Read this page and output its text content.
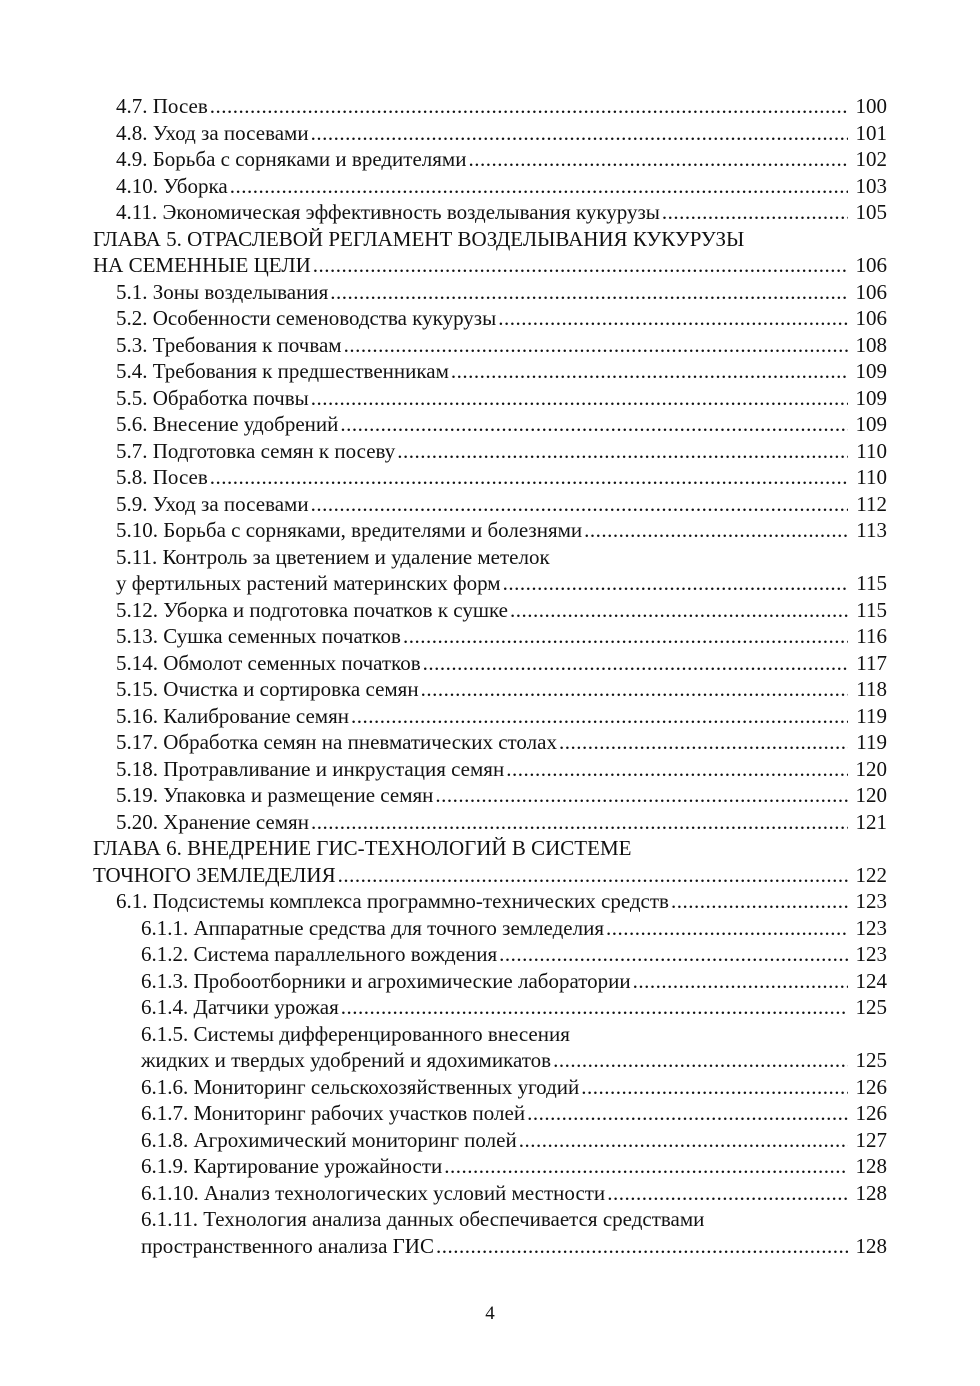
4.7. Посев .....	100
4.8. Уход за посевами .....	101
4.9. Борьба с сорняками и вредителями .....	102
4.10. Уборка .....	103
4.11. Экономическая эффективность возделывания кукурузы .....	105
ГЛАВА 5. ОТРАСЛЕВОЙ РЕГЛАМЕНТ ВОЗДЕЛЫВАНИЯ КУКУРУЗЫ
НА СЕМЕННЫЕ ЦЕЛИ .....	106
5.1. Зоны возделывания .....	106
5.2. Особенности семеноводства кукурузы .....	106
5.3. Требования к почвам .....	108
5.4. Требования к предшественникам .....	109
5.5. Обработка почвы .....	109
5.6. Внесение удобрений .....	109
5.7. Подготовка семян к посеву .....	110
5.8. Посев .....	110
5.9. Уход за посевами .....	112
5.10. Борьба с сорняками, вредителями и болезнями .....	113
5.11. Контроль за цветением и удаление метелок
у фертильных растений материнских форм .....	115
5.12. Уборка и подготовка початков к сушке .....	115
5.13. Сушка семенных початков .....	116
5.14. Обмолот семенных початков .....	117
5.15. Очистка и сортировка семян .....	118
5.16. Калибрование семян .....	119
5.17. Обработка семян на пневматических столах .....	119
5.18. Протравливание и инкрустация семян .....	120
5.19. Упаковка и размещение семян .....	120
5.20. Хранение семян .....	121
ГЛАВА 6. ВНЕДРЕНИЕ ГИС-ТЕХНОЛОГИЙ В СИСТЕМЕ
ТОЧНОГО ЗЕМЛЕДЕЛИЯ .....	122
6.1. Подсистемы комплекса программно-технических средств .....	123
6.1.1. Аппаратные средства для точного земледелия .....	123
6.1.2. Система параллельного вождения .....	123
6.1.3. Пробоотборники и агрохимические лаборатории .....	124
6.1.4. Датчики урожая .....	125
6.1.5. Системы дифференцированного внесения
жидких и твердых удобрений и ядохимикатов .....	125
6.1.6. Мониторинг сельскохозяйственных угодий .....	126
6.1.7. Мониторинг рабочих участков полей .....	126
6.1.8. Агрохимический мониторинг полей .....	127
6.1.9. Картирование урожайности .....	128
6.1.10. Анализ технологических условий местности .....	128
6.1.11. Технология анализа данных обеспечивается средствами
пространственного анализа ГИС .....	128
4
